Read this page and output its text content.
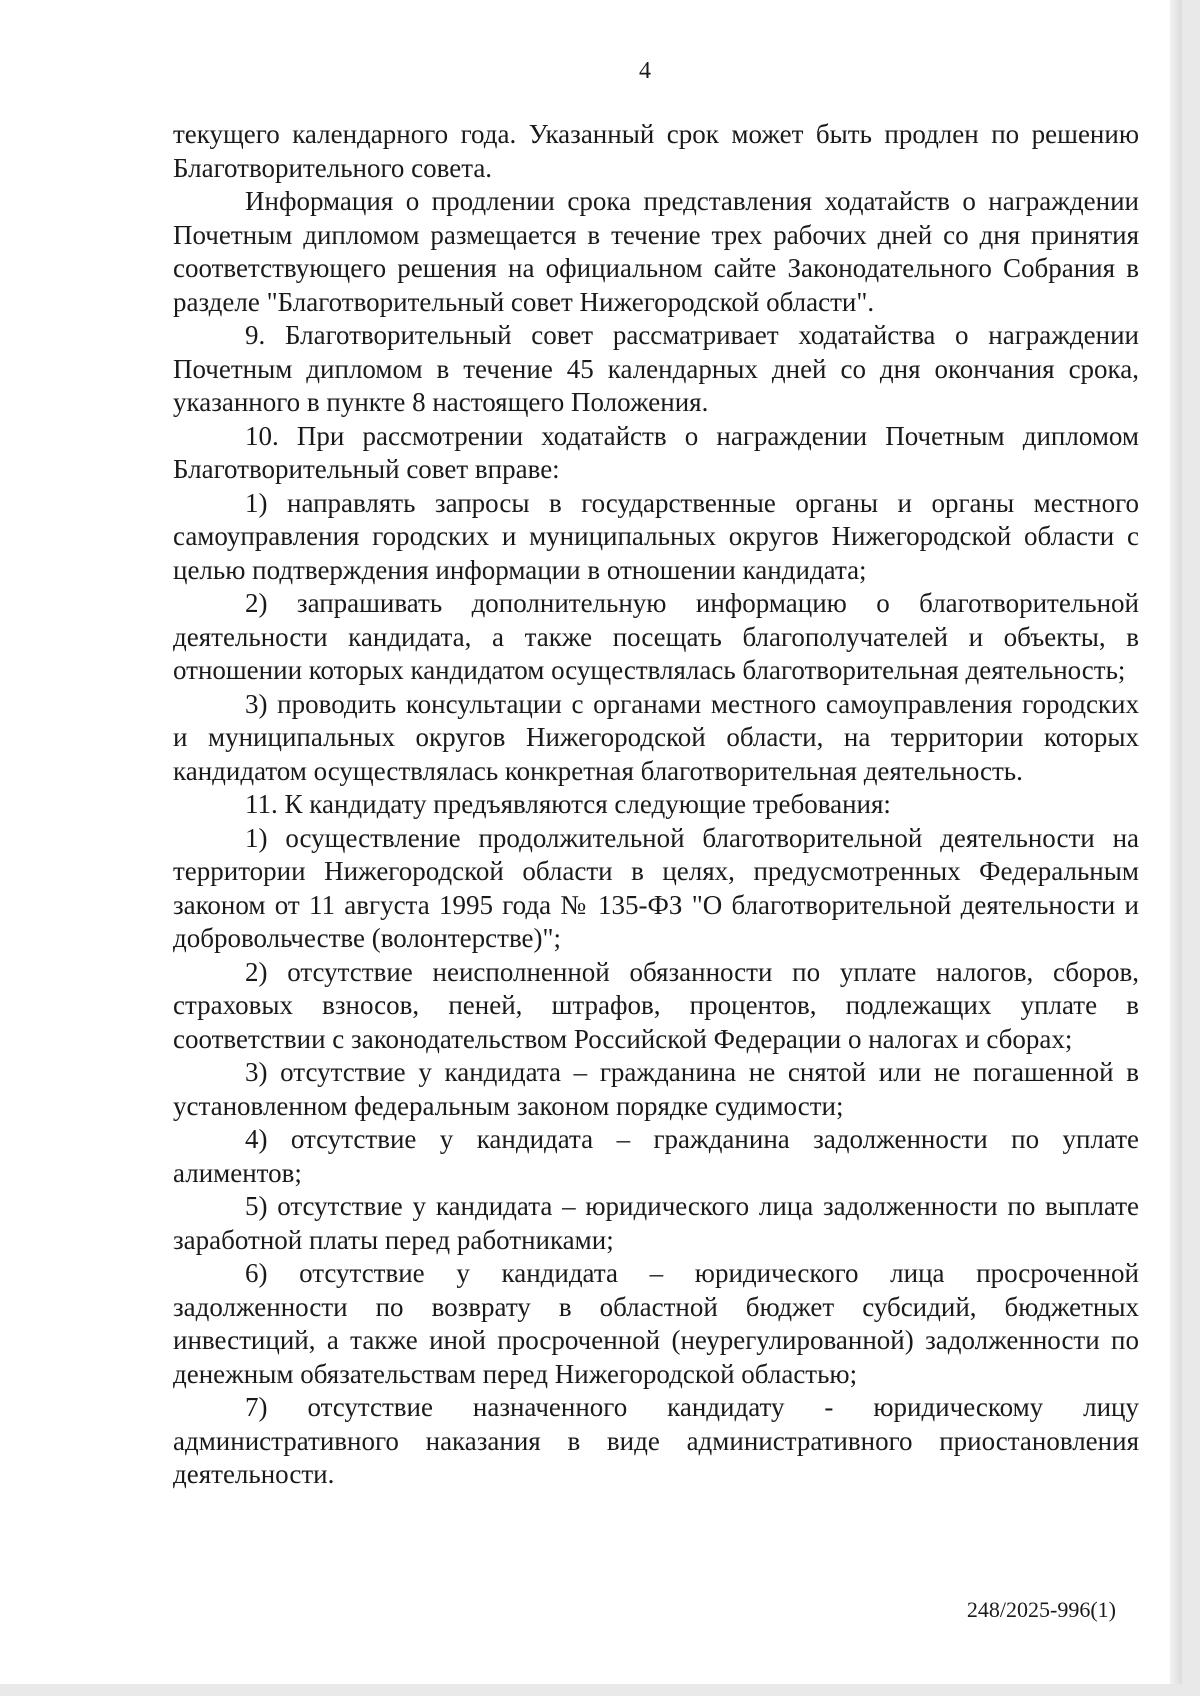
4

текущего календарного года. Указанный срок может быть продлен по решению Благотворительного совета.

Информация о продлении срока представления ходатайств о награждении Почетным дипломом размещается в течение трех рабочих дней со дня принятия соответствующего решения на официальном сайте Законодательного Собрания в разделе "Благотворительный совет Нижегородской области".

9. Благотворительный совет рассматривает ходатайства о награждении Почетным дипломом в течение 45 календарных дней со дня окончания срока, указанного в пункте 8 настоящего Положения.

10. При рассмотрении ходатайств о награждении Почетным дипломом Благотворительный совет вправе:

1) направлять запросы в государственные органы и органы местного самоуправления городских и муниципальных округов Нижегородской области с целью подтверждения информации в отношении кандидата;

2) запрашивать дополнительную информацию о благотворительной деятельности кандидата, а также посещать благополучателей и объекты, в отношении которых кандидатом осуществлялась благотворительная деятельность;

3) проводить консультации с органами местного самоуправления городских и муниципальных округов Нижегородской области, на территории которых кандидатом осуществлялась конкретная благотворительная деятельность.

11. К кандидату предъявляются следующие требования:

1) осуществление продолжительной благотворительной деятельности на территории Нижегородской области в целях, предусмотренных Федеральным законом от 11 августа 1995 года № 135-ФЗ "О благотворительной деятельности и добровольчестве (волонтерстве)";

2) отсутствие неисполненной обязанности по уплате налогов, сборов, страховых взносов, пеней, штрафов, процентов, подлежащих уплате в соответствии с законодательством Российской Федерации о налогах и сборах;

3) отсутствие у кандидата – гражданина не снятой или не погашенной в установленном федеральным законом порядке судимости;

4) отсутствие у кандидата – гражданина задолженности по уплате алиментов;

5) отсутствие у кандидата – юридического лица задолженности по выплате заработной платы перед работниками;

6) отсутствие у кандидата – юридического лица просроченной задолженности по возврату в областной бюджет субсидий, бюджетных инвестиций, а также иной просроченной (неурегулированной) задолженности по денежным обязательствам перед Нижегородской областью;

7) отсутствие назначенного кандидату - юридическому лицу административного наказания в виде административного приостановления деятельности.

248/2025-996(1)
